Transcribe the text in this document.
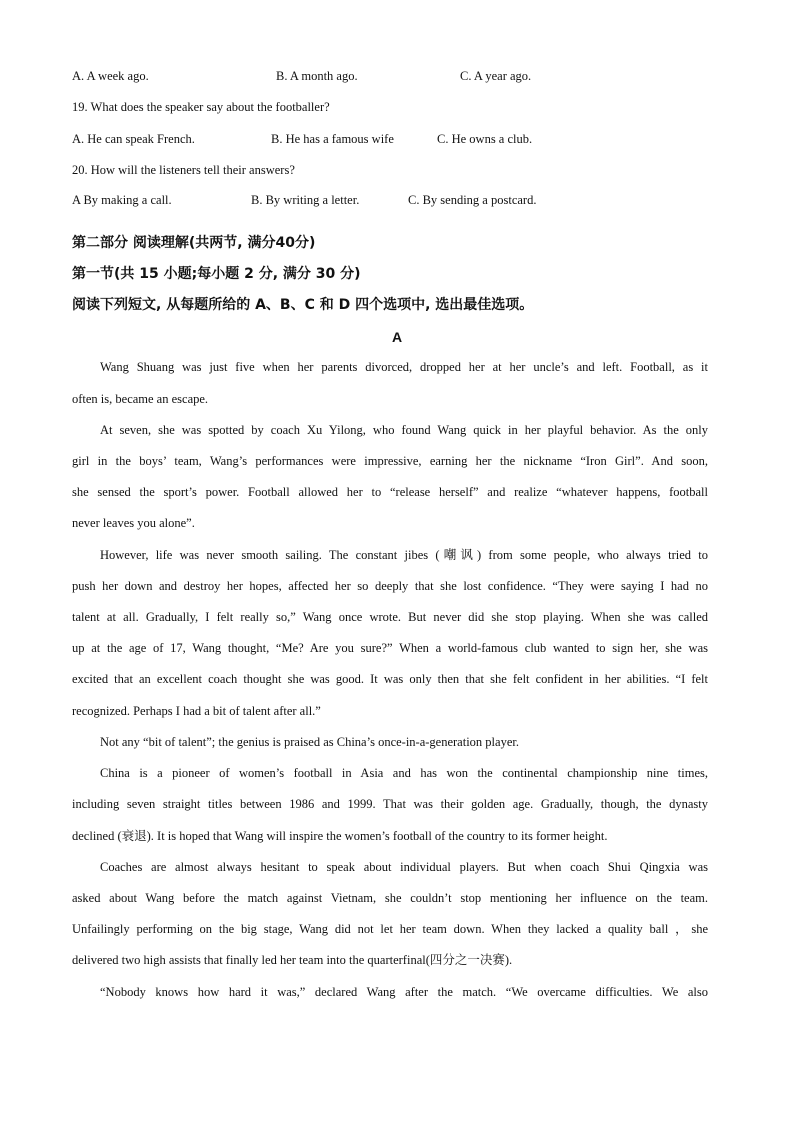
A. A week ago.	B. A month ago.	C. A year ago.
19. What does the speaker say about the footballer?
A. He can speak French.	B. He has a famous wife	C. He owns a club.
20. How will the listeners tell their answers?
A By making a call.	B. By writing a letter.	C. By sending a postcard.
第二部分 阅读理解(共两节, 满分40分)
第一节(共 15 小题;每小题 2 分, 满分 30 分)
阅读下列短文, 从每题所给的 A、B、C 和 D 四个选项中, 选出最佳选项。
A
Wang Shuang was just five when her parents divorced, dropped her at her uncle’s and left. Football, as it
often is, became an escape.
At seven, she was spotted by coach Xu Yilong, who found Wang quick in her playful behavior. As the only
girl in the boys’ team, Wang’s performances were impressive, earning her the nickname “Iron Girl”. And soon,
she sensed the sport’s power. Football allowed her to “release herself” and realize “whatever happens, football
never leaves you alone”.
However, life was never smooth sailing. The constant jibes (嘲讽) from some people, who always tried to
push her down and destroy her hopes, affected her so deeply that she lost confidence. “They were saying I had no
talent at all. Gradually, I felt really so,” Wang once wrote. But never did she stop playing. When she was called
up at the age of 17, Wang thought, “Me? Are you sure?” When a world-famous club wanted to sign her, she was
excited that an excellent coach thought she was good. It was only then that she felt confident in her abilities. “I felt
recognized. Perhaps I had a bit of talent after all.”
Not any “bit of talent”; the genius is praised as China’s once-in-a-generation player.
China is a pioneer of women’s football in Asia and has won the continental championship nine times,
including seven straight titles between 1986 and 1999. That was their golden age. Gradually, though, the dynasty
declined (衰退). It is hoped that Wang will inspire the women’s football of the country to its former height.
Coaches are almost always hesitant to speak about individual players. But when coach Shui Qingxia was
asked about Wang before the match against Vietnam, she couldn’t stop mentioning her influence on the team.
Unfailingly performing on the big stage, Wang did not let her team down. When they lacked a quality ball ，she
delivered two high assists that finally led her team into the quarterfinal(四分之一决赛).
“Nobody knows how hard it was,” declared Wang after the match. “We overcame difficulties. We also
